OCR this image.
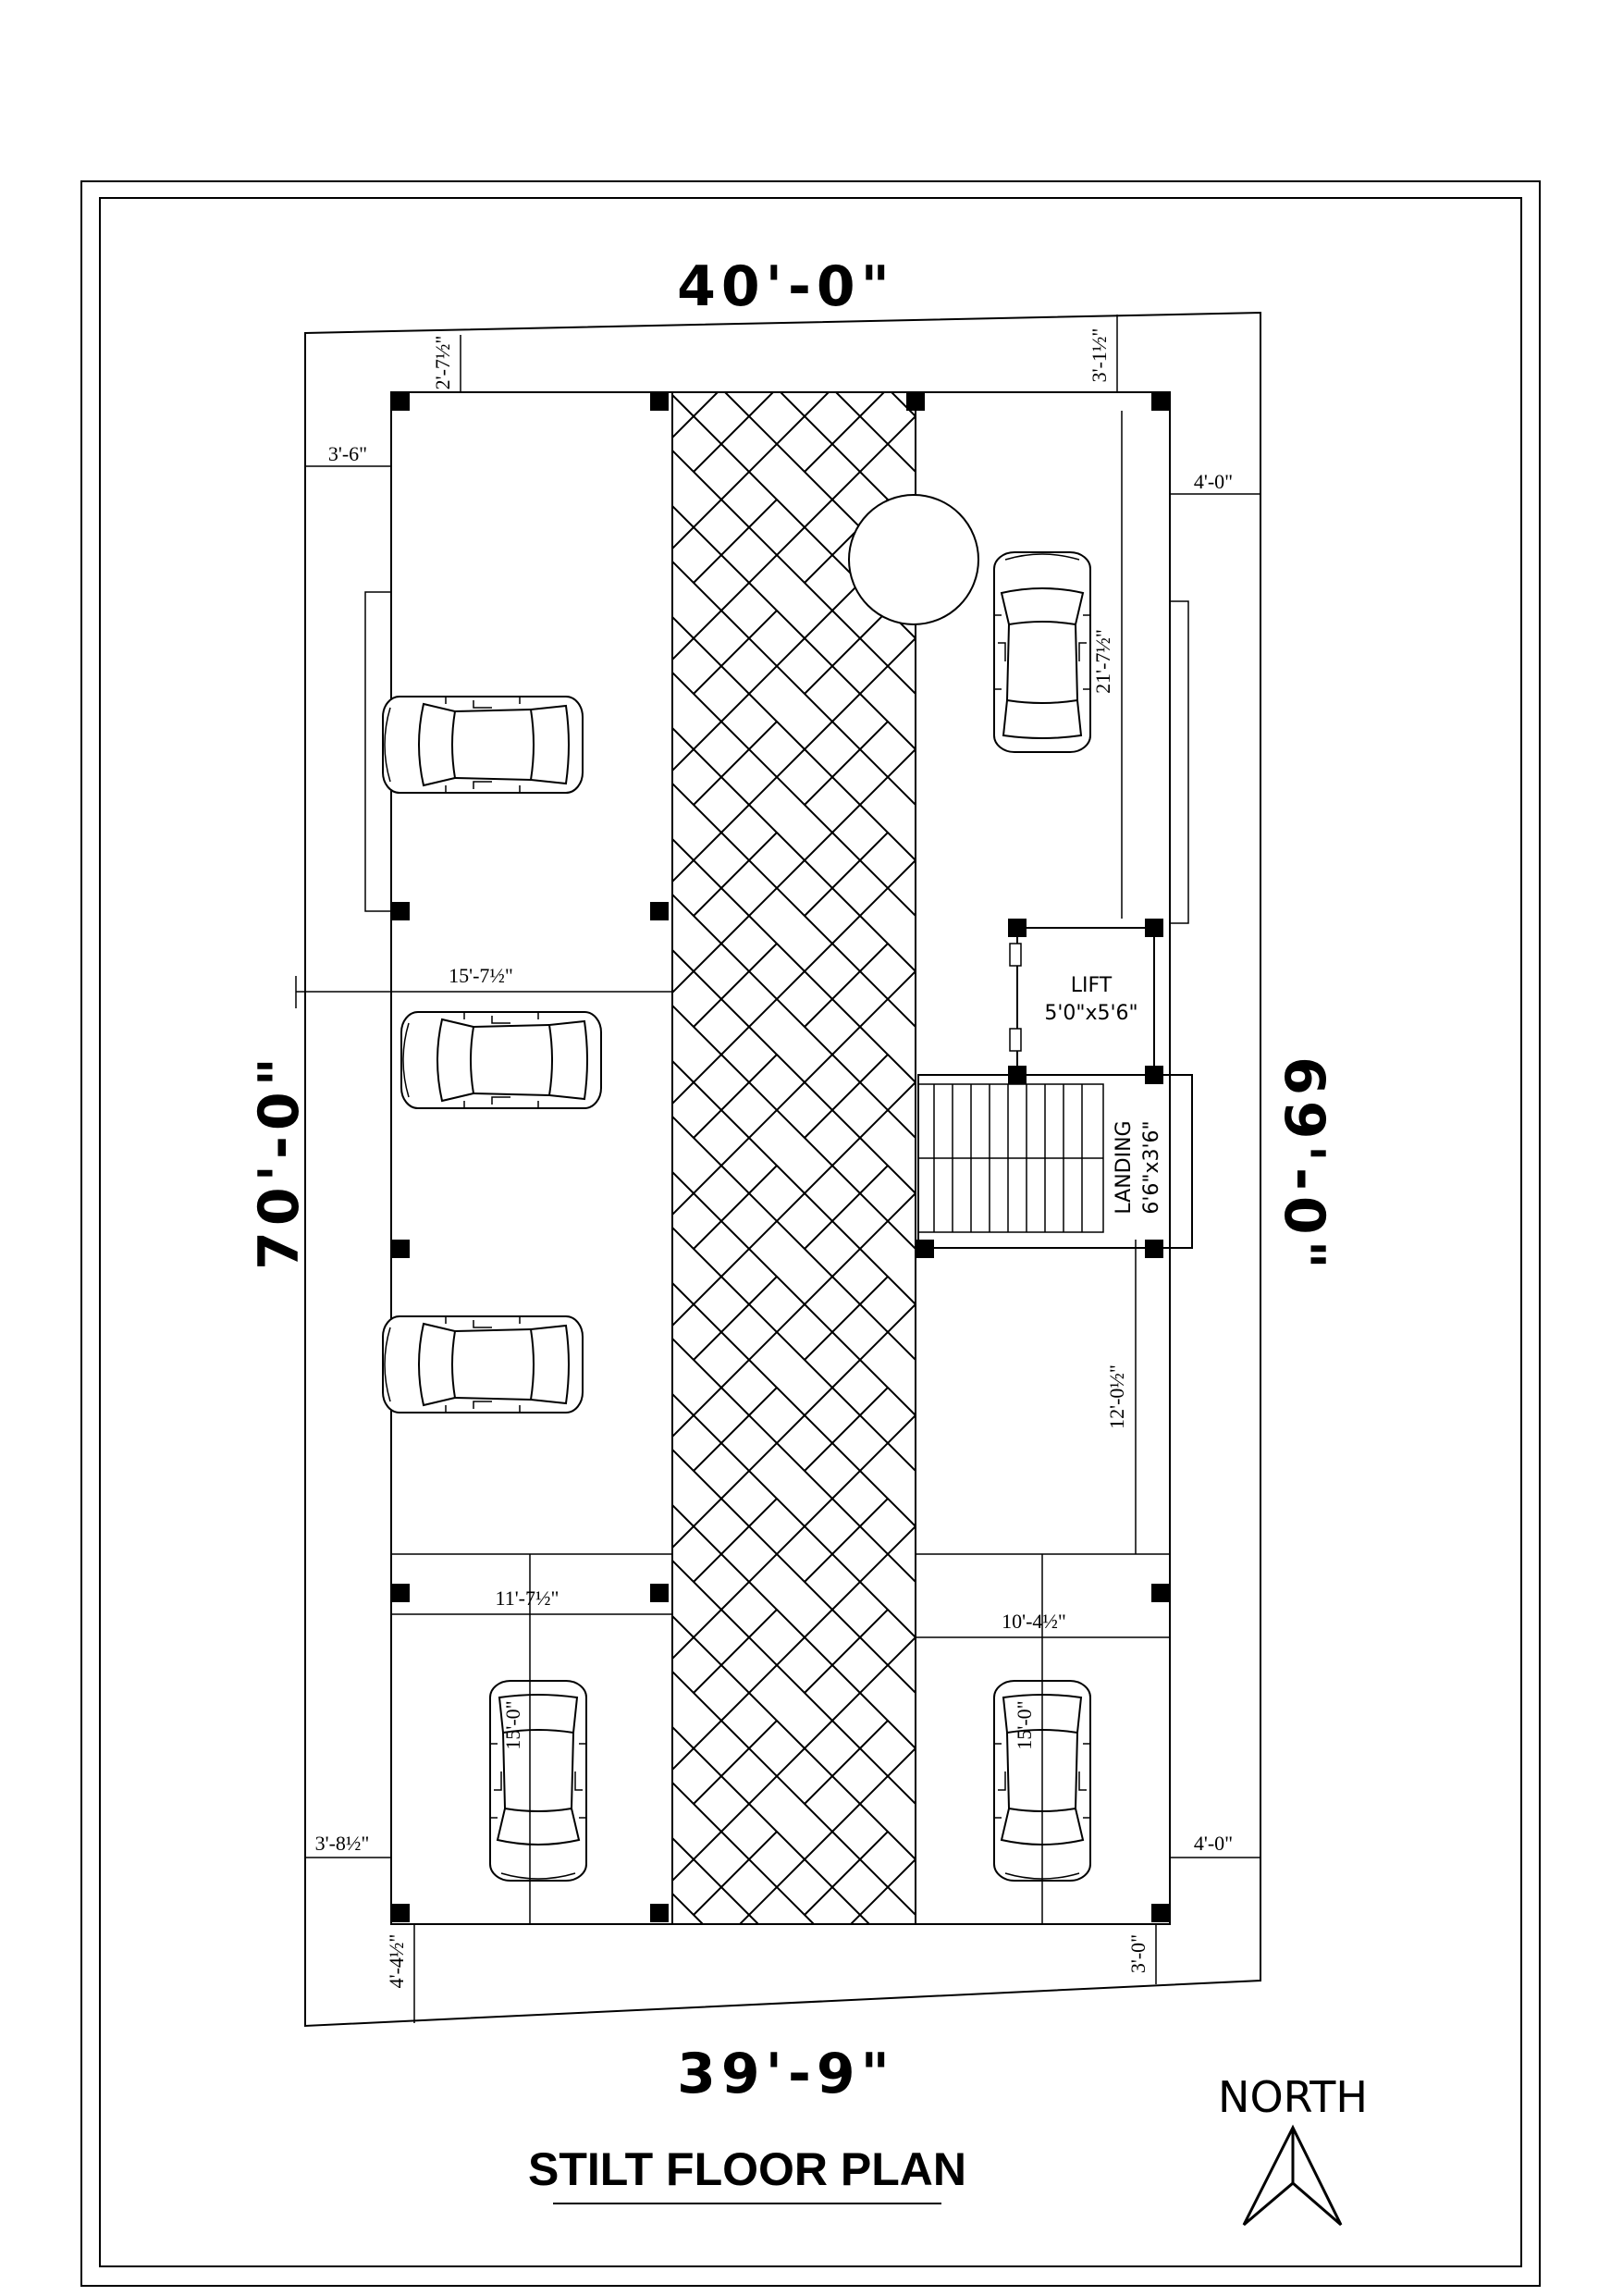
LIFT
5'0"x5'6"
LANDING 6'6"x3'6"
40'-0"
39'-9"
70'-0"	69'-0"
2'-7½"	3'-1½"
3'-6"
4'-0"
15'-7½"
21'-7½"
12'-0½"
11'-7½"
10'-4½"
15'-0"	15'-0"
3'-8½"	4'-0"
4'-4½"	3'-0"
STILT FLOOR PLAN
NORTH
